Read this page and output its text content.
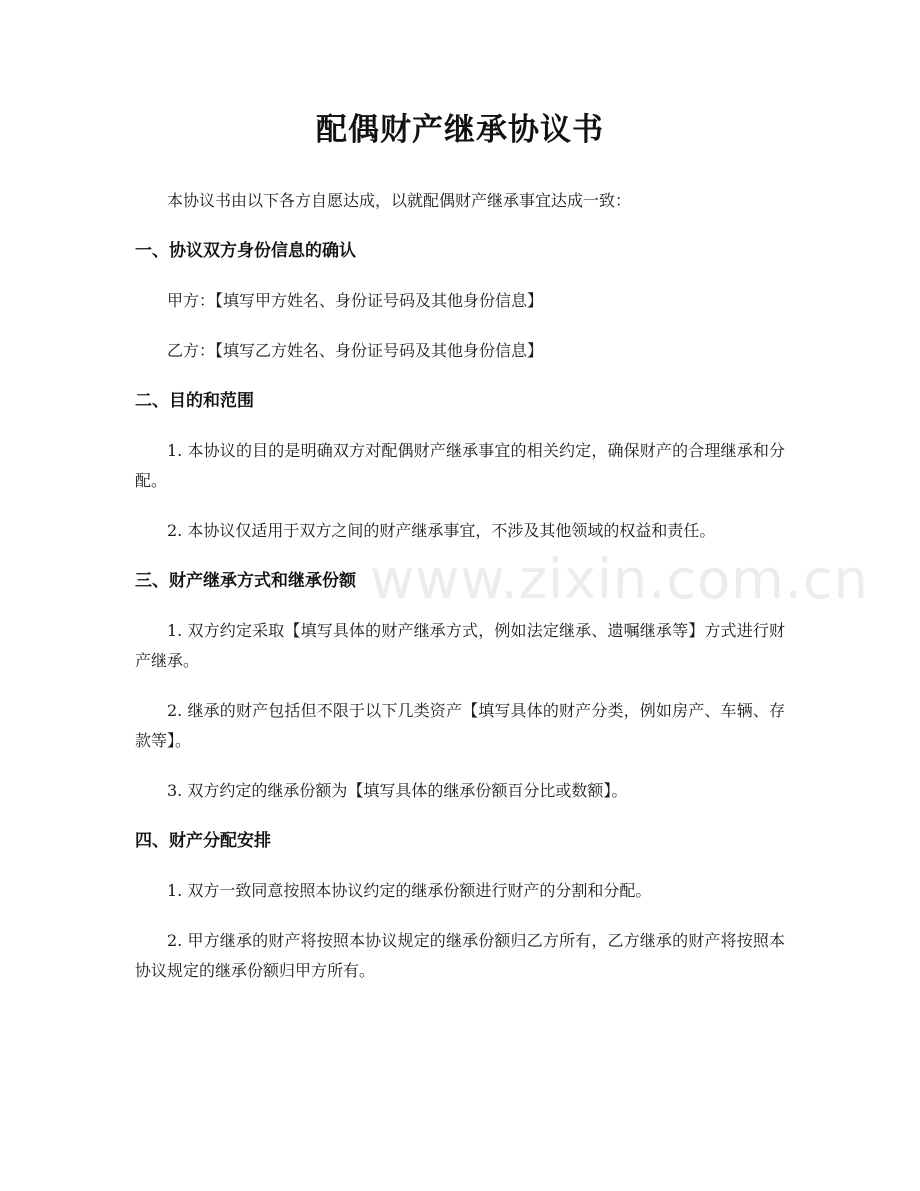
配偶财产继承协议书

本协议书由以下各方自愿达成，以就配偶财产继承事宜达成一致：

一、协议双方身份信息的确认

甲方：【填写甲方姓名、身份证号码及其他身份信息】

乙方：【填写乙方姓名、身份证号码及其他身份信息】

二、目的和范围

1. 本协议的目的是明确双方对配偶财产继承事宜的相关约定，确保财产的合理继承和分配。

2. 本协议仅适用于双方之间的财产继承事宜，不涉及其他领域的权益和责任。

三、财产继承方式和继承份额

1. 双方约定采取【填写具体的财产继承方式，例如法定继承、遗嘱继承等】方式进行财产继承。

2. 继承的财产包括但不限于以下几类资产【填写具体的财产分类，例如房产、车辆、存款等】。

3. 双方约定的继承份额为【填写具体的继承份额百分比或数额】。

四、财产分配安排

1. 双方一致同意按照本协议约定的继承份额进行财产的分割和分配。

2. 甲方继承的财产将按照本协议规定的继承份额归乙方所有，乙方继承的财产将按照本协议规定的继承份额归甲方所有。

www.zixin.com.cn
